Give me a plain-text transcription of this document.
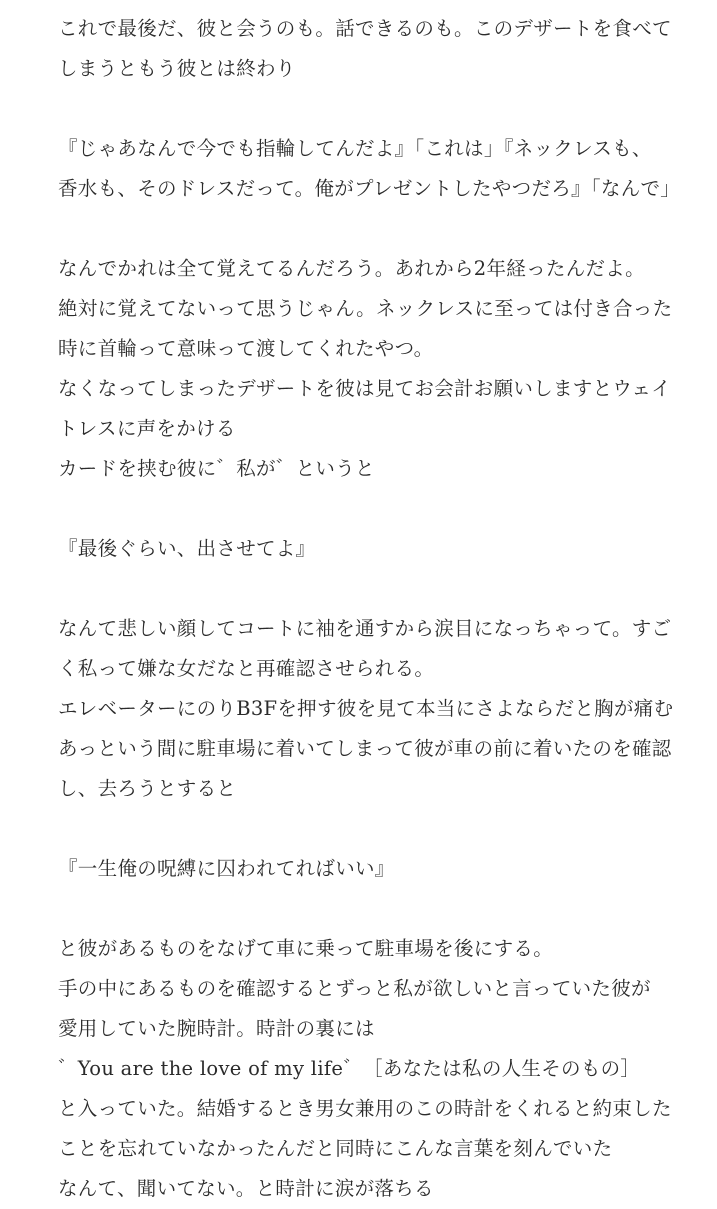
これで最後だ、彼と会うのも。話できるのも。このデザートを食べて
しまうともう彼とは終わり
『じゃあなんで今でも指輪してんだよ』「これは」『ネックレスも、
香水も、そのドレスだって。俺がプレゼントしたやつだろ』「なんで」
なんでかれは全て覚えてるんだろう。あれから2年経ったんだよ。
絶対に覚えてないって思うじゃん。ネックレスに至っては付き合った
時に首輪って意味って渡してくれたやつ。
なくなってしまったデザートを彼は見てお会計お願いしますとウェイ
トレスに声をかける
カードを挟む彼に゛私が゛というと
『最後ぐらい、出させてよ』
なんて悲しい顔してコートに袖を通すから涙目になっちゃって。すご
く私って嫌な女だなと再確認させられる。
エレベーターにのりB3Fを押す彼を見て本当にさよならだと胸が痛む
あっという間に駐車場に着いてしまって彼が車の前に着いたのを確認
し、去ろうとすると
『一生俺の呪縛に囚われてればいい』
と彼があるものをなげて車に乗って駐車場を後にする。
手の中にあるものを確認するとずっと私が欲しいと言っていた彼が
愛用していた腕時計。時計の裏には
゛You are the love of my life゛［あなたは私の人生そのもの］
と入っていた。結婚するとき男女兼用のこの時計をくれると約束した
ことを忘れていなかったんだと同時にこんな言葉を刻んでいた
なんて、聞いてない。と時計に涙が落ちる
